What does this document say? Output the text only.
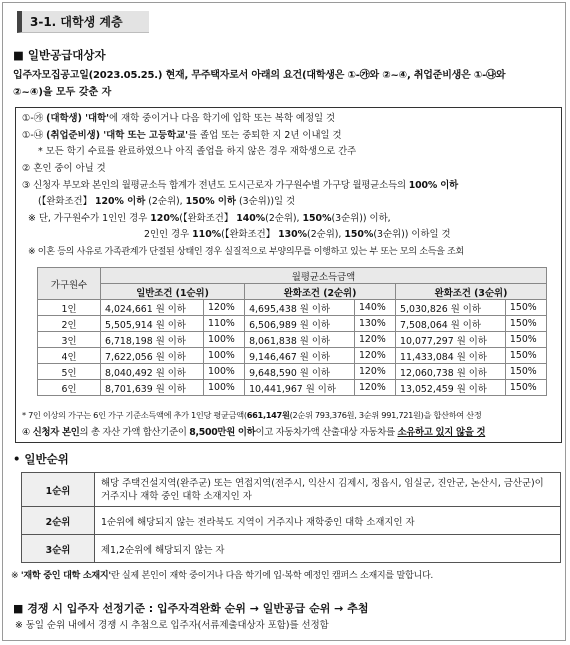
3-1. 대학생 계층
■ 일반공급대상자
입주자모집공고일(2023.05.25.) 현재, 무주택자로서 아래의 요건(대학생은 ①-㉮와 ②~④, 취업준비생은 ①-㉯와
②~④)을 모두 갖춘 자
①-㉮ (대학생) '대학'에 재학 중이거나 다음 학기에 입학 또는 복학 예정일 것
①-㉯ (취업준비생) '대학 또는 고등학교'를 졸업 또는 중퇴한 지 2년 이내일 것
* 모든 학기 수료를 완료하였으나 아직 졸업을 하지 않은 경우 재학생으로 간주
② 혼인 중이 아닐 것
③ 신청자 부모와 본인의 월평균소득 합계가 전년도 도시근로자 가구원수별 가구당 월평균소득의 100% 이하
(【완화조건】 120% 이하 (2순위), 150% 이하 (3순위))일 것
※ 단, 가구원수가 1인인 경우 120%(【완화조건】 140%(2순위), 150%(3순위)) 이하,
2인인 경우 110%(【완화조건】 130%(2순위), 150%(3순위)) 이하일 것
※ 이혼 등의 사유로 가족관계가 단절된 상태인 경우 실질적으로 부양의무를 이행하고 있는 부 또는 모의 소득을 조회
* 7인 이상의 가구는 6인 가구 기준소득액에 추가 1인당 평균금액(661,147원(2순위 793,376원, 3순위 991,721원)을 합산하여 산정
④ 신청자 본인의 총 자산 가액 합산기준이 8,500만원 이하이고 자동차가액 산출대상 자동차를 소유하고 있지 않을 것
가구원수	월평균소득금액					
	일반조건 (1순위)		완화조건 (2순위)		완화조건 (3순위)	
1인	4,024,661 원 이하	120%	4,695,438 원 이하	140%	5,030,826 원 이하	150%
2인	5,505,914 원 이하	110%	6,506,989 원 이하	130%	7,508,064 원 이하	150%
3인	6,718,198 원 이하	100%	8,061,838 원 이하	120%	10,077,297 원 이하	150%
4인	7,622,056 원 이하	100%	9,146,467 원 이하	120%	11,433,084 원 이하	150%
5인	8,040,492 원 이하	100%	9,648,590 원 이하	120%	12,060,738 원 이하	150%
6인	8,701,639 원 이하	100%	10,441,967 원 이하	120%	13,052,459 원 이하	150%
• 일반순위
1순위	해당 주택건설지역(완주군) 또는 연접지역(전주시, 익산시 김제시, 정읍시, 임실군, 진안군, 논산시, 금산군)이 거주지나 재학 중인 대학 소재지인 자
2순위	1순위에 해당되지 않는 전라북도 지역이 거주지나 재학중인 대학 소재지인 자
3순위	제1,2순위에 해당되지 않는 자
※ '재학 중인 대학 소재지'란 실제 본인이 재학 중이거나 다음 학기에 입·복학 예정인 캠퍼스 소재지를 말합니다.
■ 경쟁 시 입주자 선정기준 : 입주자격완화 순위 → 일반공급 순위 → 추첨
※ 동일 순위 내에서 경쟁 시 추첨으로 입주자(서류제출대상자 포함)를 선정함
